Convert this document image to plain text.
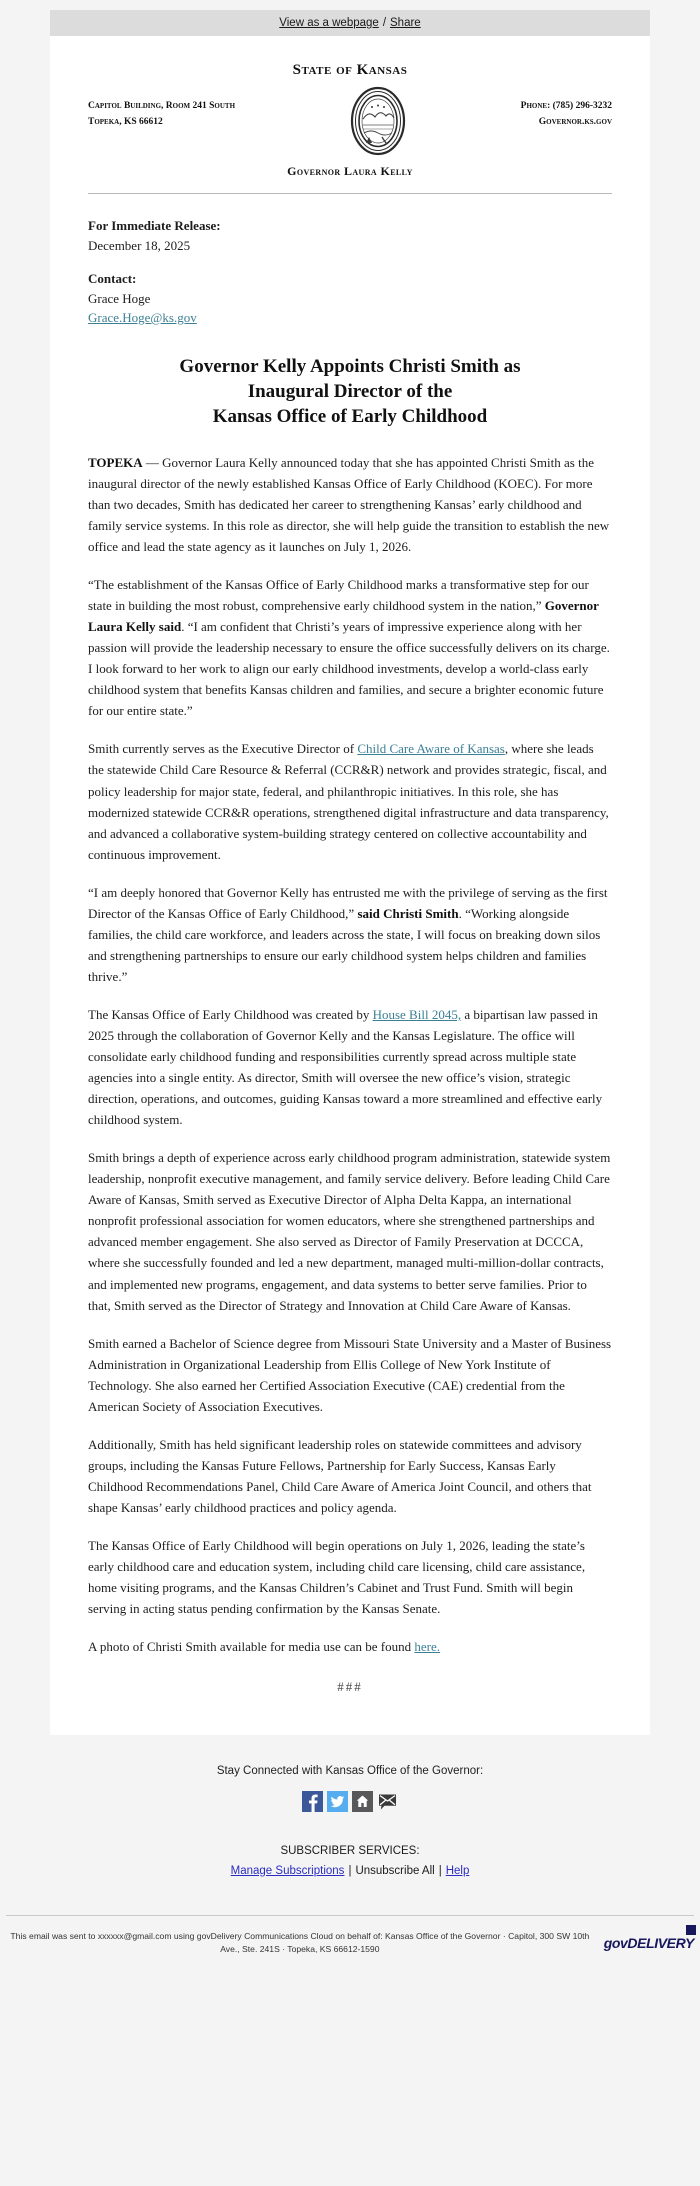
View as a webpage / Share
State of Kansas
Capitol Building, Room 241 South
Topeka, KS 66612
Phone: (785) 296-3232
Governor.ks.gov
Governor Laura Kelly
For Immediate Release:
December 18, 2025
Contact:
Grace Hoge
Grace.Hoge@ks.gov
Governor Kelly Appoints Christi Smith as
Inaugural Director of the
Kansas Office of Early Childhood

TOPEKA — Governor Laura Kelly announced today that she has appointed Christi Smith as the inaugural director of the newly established Kansas Office of Early Childhood (KOEC). For more than two decades, Smith has dedicated her career to strengthening Kansas’ early childhood and family service systems. In this role as director, she will help guide the transition to establish the new office and lead the state agency as it launches on July 1, 2026.

“The establishment of the Kansas Office of Early Childhood marks a transformative step for our state in building the most robust, comprehensive early childhood system in the nation,” Governor Laura Kelly said. “I am confident that Christi’s years of impressive experience along with her passion will provide the leadership necessary to ensure the office successfully delivers on its charge. I look forward to her work to align our early childhood investments, develop a world-class early childhood system that benefits Kansas children and families, and secure a brighter economic future for our entire state.”

Smith currently serves as the Executive Director of Child Care Aware of Kansas, where she leads the statewide Child Care Resource & Referral (CCR&R) network and provides strategic, fiscal, and policy leadership for major state, federal, and philanthropic initiatives. In this role, she has modernized statewide CCR&R operations, strengthened digital infrastructure and data transparency, and advanced a collaborative system-building strategy centered on collective accountability and continuous improvement.

“I am deeply honored that Governor Kelly has entrusted me with the privilege of serving as the first Director of the Kansas Office of Early Childhood,” said Christi Smith. “Working alongside families, the child care workforce, and leaders across the state, I will focus on breaking down silos and strengthening partnerships to ensure our early childhood system helps children and families thrive.”

The Kansas Office of Early Childhood was created by House Bill 2045, a bipartisan law passed in 2025 through the collaboration of Governor Kelly and the Kansas Legislature. The office will consolidate early childhood funding and responsibilities currently spread across multiple state agencies into a single entity. As director, Smith will oversee the new office’s vision, strategic direction, operations, and outcomes, guiding Kansas toward a more streamlined and effective early childhood system.

Smith brings a depth of experience across early childhood program administration, statewide system leadership, nonprofit executive management, and family service delivery. Before leading Child Care Aware of Kansas, Smith served as Executive Director of Alpha Delta Kappa, an international nonprofit professional association for women educators, where she strengthened partnerships and advanced member engagement. She also served as Director of Family Preservation at DCCCA, where she successfully founded and led a new department, managed multi-million-dollar contracts, and implemented new programs, engagement, and data systems to better serve families. Prior to that, Smith served as the Director of Strategy and Innovation at Child Care Aware of Kansas.

Smith earned a Bachelor of Science degree from Missouri State University and a Master of Business Administration in Organizational Leadership from Ellis College of New York Institute of Technology. She also earned her Certified Association Executive (CAE) credential from the American Society of Association Executives.

Additionally, Smith has held significant leadership roles on statewide committees and advisory groups, including the Kansas Future Fellows, Partnership for Early Success, Kansas Early Childhood Recommendations Panel, Child Care Aware of America Joint Council, and others that shape Kansas’ early childhood practices and policy agenda.

The Kansas Office of Early Childhood will begin operations on July 1, 2026, leading the state’s early childhood care and education system, including child care licensing, child care assistance, home visiting programs, and the Kansas Children’s Cabinet and Trust Fund. Smith will begin serving in acting status pending confirmation by the Kansas Senate.

A photo of Christi Smith available for media use can be found here.

###
Stay Connected with Kansas Office of the Governor:
SUBSCRIBER SERVICES:
Manage Subscriptions | Unsubscribe All | Help
This email was sent to xxxxxx@gmail.com using govDelivery Communications Cloud on behalf of: Kansas Office of the Governor · Capitol, 300 SW 10th Ave., Ste. 241S · Topeka, KS 66612-1590	govDELIVERY
